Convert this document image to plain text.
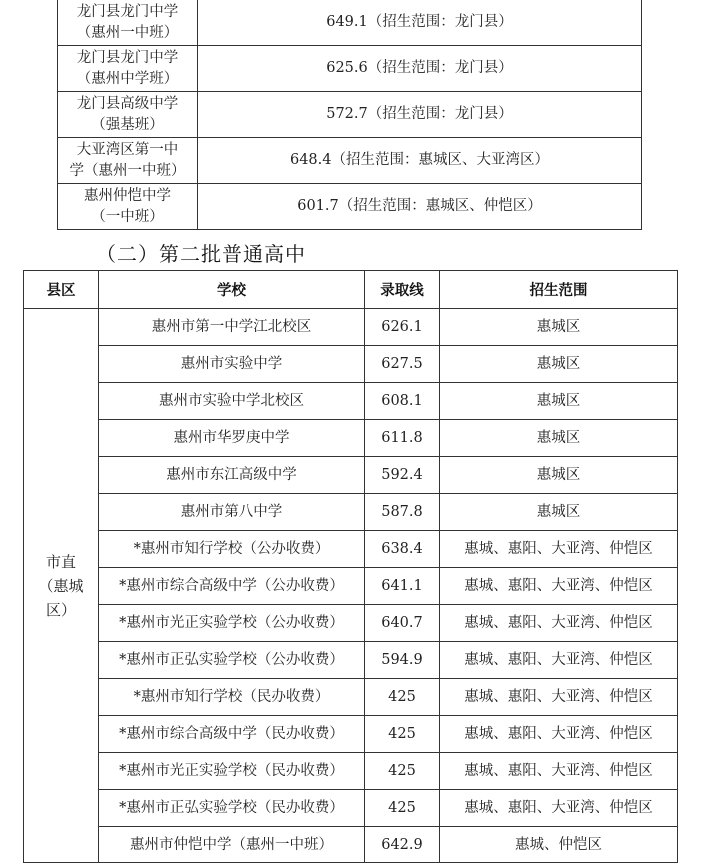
龙门县龙门中学
（惠州一中班）	649.1（招生范围：龙门县）
龙门县龙门中学
（惠州中学班）	625.6（招生范围：龙门县）
龙门县高级中学
（强基班）	572.7（招生范围：龙门县）
大亚湾区第一中
学（惠州一中班）	648.4（招生范围：惠城区、大亚湾区）
惠州仲恺中学
（一中班）	601.7（招生范围：惠城区、仲恺区）
（二）第二批普通高中
县区	学校	录取线	招生范围
市直
（惠城
区）	惠州市第一中学江北校区	626.1	惠城区
	惠州市实验中学	627.5	惠城区
	惠州市实验中学北校区	608.1	惠城区
	惠州市华罗庚中学	611.8	惠城区
	惠州市东江高级中学	592.4	惠城区
	惠州市第八中学	587.8	惠城区
	*惠州市知行学校（公办收费）	638.4	惠城、惠阳、大亚湾、仲恺区
	*惠州市综合高级中学（公办收费）	641.1	惠城、惠阳、大亚湾、仲恺区
	*惠州市光正实验学校（公办收费）	640.7	惠城、惠阳、大亚湾、仲恺区
	*惠州市正弘实验学校（公办收费）	594.9	惠城、惠阳、大亚湾、仲恺区
	*惠州市知行学校（民办收费）	425	惠城、惠阳、大亚湾、仲恺区
	*惠州市综合高级中学（民办收费）	425	惠城、惠阳、大亚湾、仲恺区
	*惠州市光正实验学校（民办收费）	425	惠城、惠阳、大亚湾、仲恺区
	*惠州市正弘实验学校（民办收费）	425	惠城、惠阳、大亚湾、仲恺区
	惠州市仲恺中学（惠州一中班）	642.9	惠城、仲恺区
